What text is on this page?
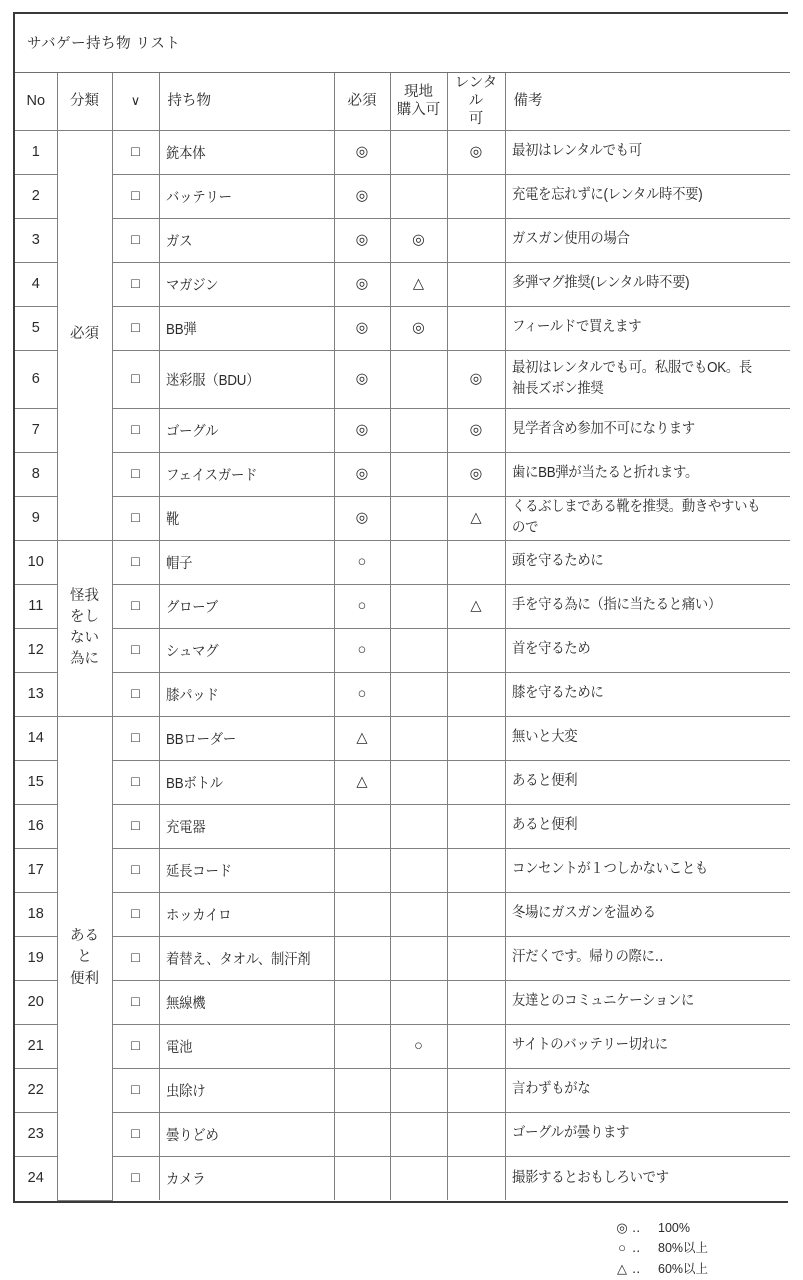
サバゲー持ち物 リスト							
No	分類	∨	持ち物	必須	現地
購入可	レンタル
可	備考
1	必須	□	銃本体	◎		◎	最初はレンタルでも可
2		□	バッテリー	◎			充電を忘れずに(レンタル時不要)
3		□	ガス	◎	◎		ガスガン使用の場合
4		□	マガジン	◎	△		多弾マグ推奨(レンタル時不要)
5		□	BB弾	◎	◎		フィールドで買えます
6		□	迷彩服（BDU）	◎		◎	最初はレンタルでも可。私服でもOK。長袖長ズボン推奨
7		□	ゴーグル	◎		◎	見学者含め参加不可になります
8		□	フェイスガード	◎		◎	歯にBB弾が当たると折れます。
9		□	靴	◎		△	くるぶしまである靴を推奨。動きやすいもので
10	怪我
をしない
為に	□	帽子	○			頭を守るために
11		□	グローブ	○		△	手を守る為に（指に当たると痛い）
12		□	シュマグ	○			首を守るため
13		□	膝パッド	○			膝を守るために
14	あると
便利	□	BBローダー	△			無いと大変
15		□	BBボトル	△			あると便利
16		□	充電器				あると便利
17		□	延長コード				コンセントが１つしかないことも
18		□	ホッカイロ				冬場にガスガンを温める
19		□	着替え、タオル、制汗剤				汗だくです。帰りの際に‥
20		□	無線機				友達とのコミュニケーションに
21		□	電池		○		サイトのバッテリー切れに
22		□	虫除け				言わずもがな
23		□	曇りどめ				ゴーグルが曇ります
24		□	カメラ				撮影するとおもしろいです
◎ ‥	100%
○ ‥	80%以上
△ ‥	60%以上
